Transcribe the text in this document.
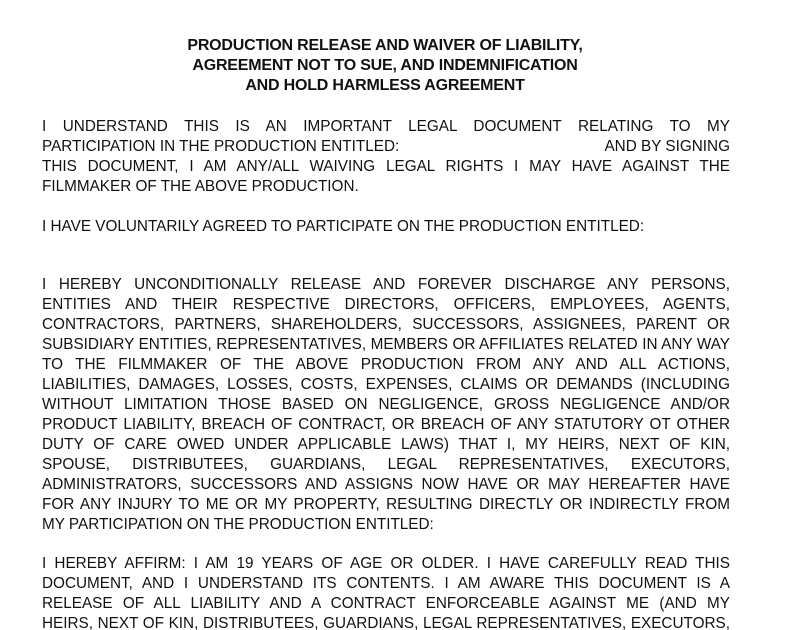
PRODUCTION RELEASE AND WAIVER OF LIABILITY,
AGREEMENT NOT TO SUE, AND INDEMNIFICATION
AND HOLD HARMLESS AGREEMENT
I UNDERSTAND THIS IS AN IMPORTANT LEGAL DOCUMENT RELATING TO MY
PARTICIPATION IN THE PRODUCTION ENTITLED:	AND BY SIGNING
THIS DOCUMENT, I AM ANY/ALL WAIVING LEGAL RIGHTS I MAY HAVE AGAINST THE
FILMMAKER OF THE ABOVE PRODUCTION.
I HAVE VOLUNTARILY AGREED TO PARTICIPATE ON THE PRODUCTION ENTITLED:
I HEREBY UNCONDITIONALLY RELEASE AND FOREVER DISCHARGE ANY PERSONS,
ENTITIES AND THEIR RESPECTIVE DIRECTORS, OFFICERS, EMPLOYEES, AGENTS,
CONTRACTORS, PARTNERS, SHAREHOLDERS, SUCCESSORS, ASSIGNEES, PARENT OR
SUBSIDIARY ENTITIES, REPRESENTATIVES, MEMBERS OR AFFILIATES RELATED IN ANY WAY
TO THE FILMMAKER OF THE ABOVE PRODUCTION FROM ANY AND ALL ACTIONS,
LIABILITIES, DAMAGES, LOSSES, COSTS, EXPENSES, CLAIMS OR DEMANDS (INCLUDING
WITHOUT LIMITATION THOSE BASED ON NEGLIGENCE, GROSS NEGLIGENCE AND/OR
PRODUCT LIABILITY, BREACH OF CONTRACT, OR BREACH OF ANY STATUTORY OT OTHER
DUTY OF CARE OWED UNDER APPLICABLE LAWS) THAT I, MY HEIRS, NEXT OF KIN,
SPOUSE, DISTRIBUTEES, GUARDIANS, LEGAL REPRESENTATIVES, EXECUTORS,
ADMINISTRATORS, SUCCESSORS AND ASSIGNS NOW HAVE OR MAY HEREAFTER HAVE
FOR ANY INJURY TO ME OR MY PROPERTY, RESULTING DIRECTLY OR INDIRECTLY FROM
MY PARTICIPATION ON THE PRODUCTION ENTITLED:
I HEREBY AFFIRM: I AM 19 YEARS OF AGE OR OLDER. I HAVE CAREFULLY READ THIS
DOCUMENT, AND I UNDERSTAND ITS CONTENTS. I AM AWARE THIS DOCUMENT IS A
RELEASE OF ALL LIABILITY AND A CONTRACT ENFORCEABLE AGAINST ME (AND MY
HEIRS, NEXT OF KIN, DISTRIBUTEES, GUARDIANS, LEGAL REPRESENTATIVES, EXECUTORS,
